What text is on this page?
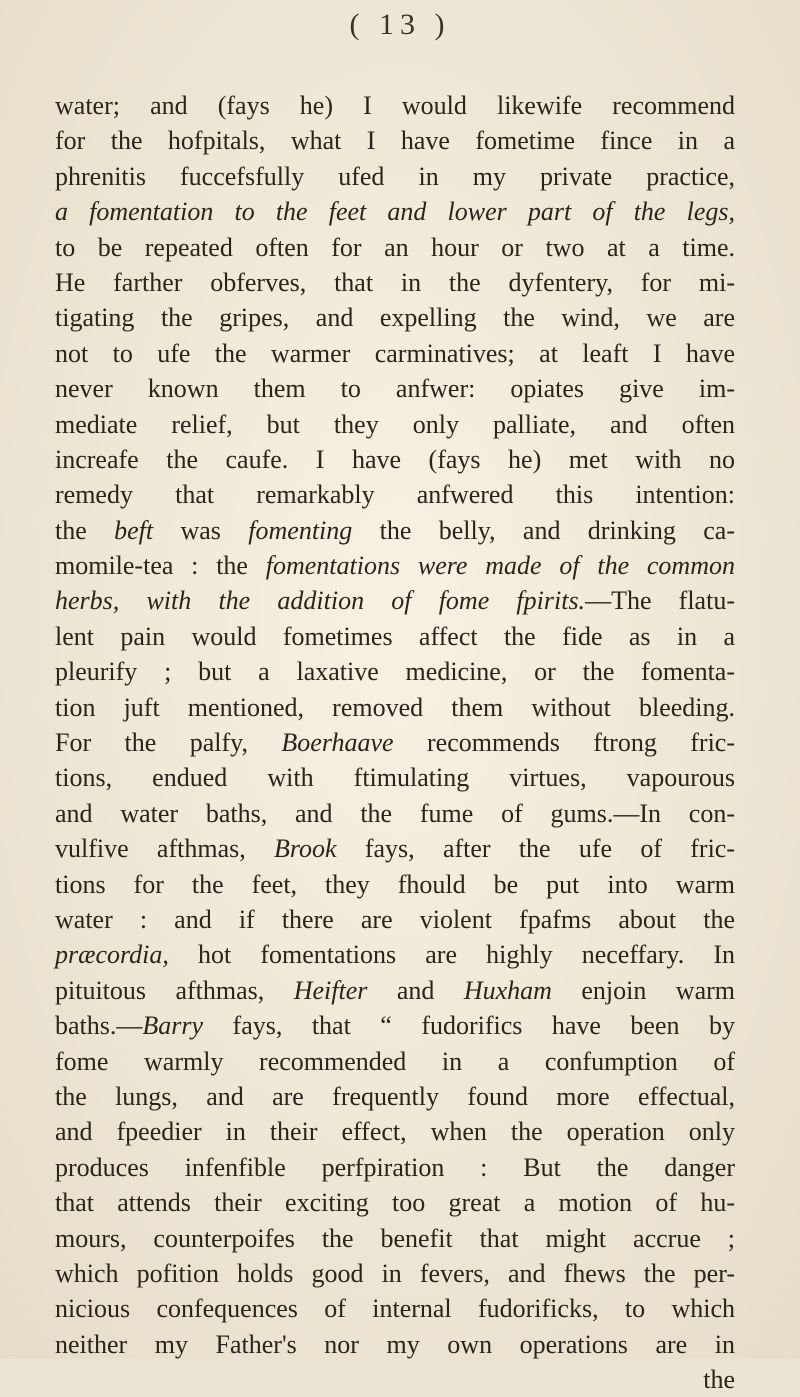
( 13 )
water; and (fays he) I would likewife recommend
for the hofpitals, what I have fometime fince in a
phrenitis fuccefsfully ufed in my private practice,
a fomentation to the feet and lower part of the legs,
to be repeated often for an hour or two at a time.
He farther obferves, that in the dyfentery, for mi-
tigating the gripes, and expelling the wind, we are
not to ufe the warmer carminatives; at leaft I have
never known them to anfwer: opiates give im-
mediate relief, but they only palliate, and often
increafe the caufe. I have (fays he) met with no
remedy that remarkably anfwered this intention:
the beft was fomenting the belly, and drinking ca-
momile-tea : the fomentations were made of the common
herbs, with the addition of fome fpirits.—The flatu-
lent pain would fometimes affect the fide as in a
pleurify ; but a laxative medicine, or the fomenta-
tion juft mentioned, removed them without bleeding.
For the palfy, Boerhaave recommends ftrong fric-
tions, endued with ftimulating virtues, vapourous
and water baths, and the fume of gums.—In con-
vulfive afthmas, Brook fays, after the ufe of fric-
tions for the feet, they fhould be put into warm
water : and if there are violent fpafms about the
præcordia, hot fomentations are highly neceffary. In
pituitous afthmas, Heifter and Huxham enjoin warm
baths.—Barry fays, that “ fudorifics have been by
fome warmly recommended in a confumption of
the lungs, and are frequently found more effectual,
and fpeedier in their effect, when the operation only
produces infenfible perfpiration : But the danger
that attends their exciting too great a motion of hu-
mours, counterpoifes the benefit that might accrue ;
which pofition holds good in fevers, and fhews the per-
nicious confequences of internal fudorificks, to which
neither my Father's nor my own operations are in
the
